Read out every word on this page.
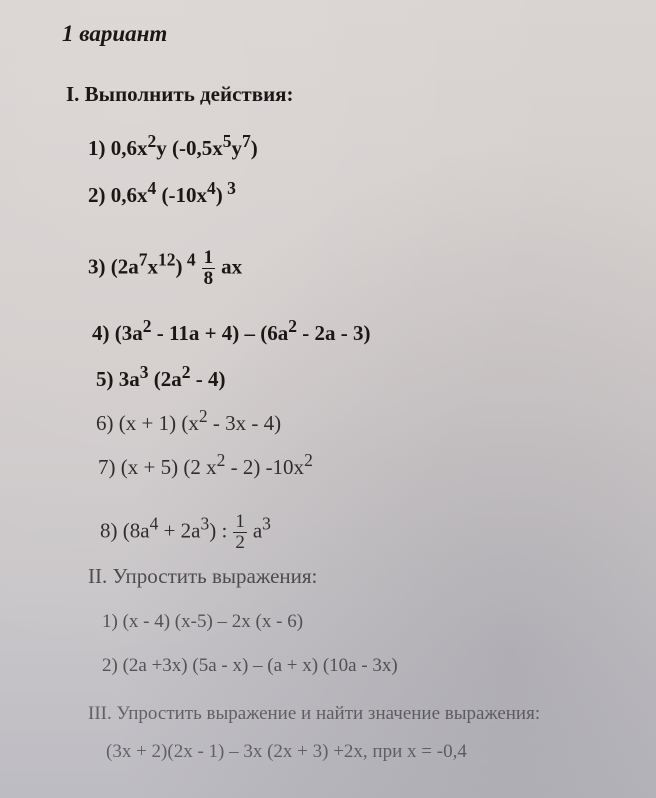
1 вариант
I. Выполнить действия:
1) $0,6x^2y$ $(-0,5x^5y^7)$
2) $0,6x^4$ $(-10x^4)$ $^3$
3) $(2a^7x^{12})$ $^4 \frac{1}{8}$ ax
4) $(3a^2 - 11a + 4) - (6a^2 - 2a - 3)$
5) $3a^3$ $(2a^2 - 4)$
6) (x + 1) $(x^2 - 3x - 4)$
7) (x + 5) (2 $x^2 - 2$) $-10x^2$
8) $(8a^4 + 2a^3)$ : $\frac{1}{2} a^3$
II. Упростить выражения:
1) (x - 4) (x-5) – 2x (x - 6)
2) (2a +3x) (5a - x) – (a + x) (10a - 3x)
III. Упростить выражение и найти значение выражения:
(3x + 2)(2x - 1) – 3x (2x + 3) +2x, при x = -0,4
